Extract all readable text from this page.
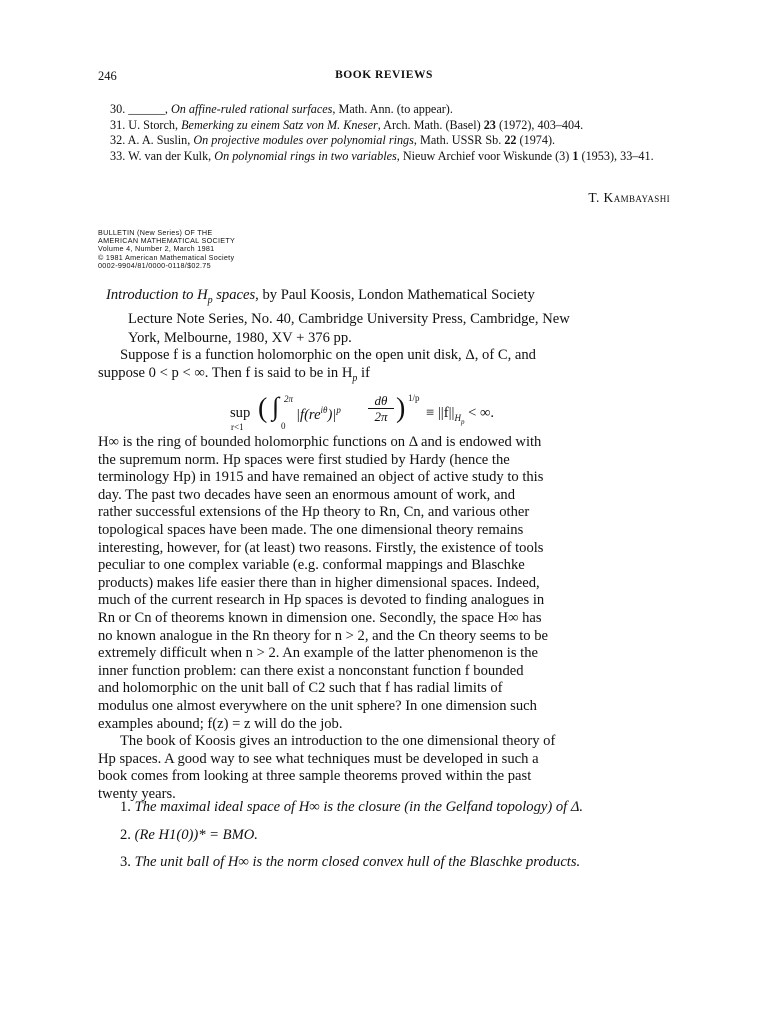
246	BOOK REVIEWS

30. ______, On affine-ruled rational surfaces, Math. Ann. (to appear).

31. U. Storch, Bemerking zu einem Satz von M. Kneser, Arch. Math. (Basel) 23 (1972), 403–404.

32. A. A. Suslin, On projective modules over polynomial rings, Math. USSR Sb. 22 (1974).

33. W. van der Kulk, On polynomial rings in two variables, Nieuw Archief voor Wiskunde (3) 1 (1953), 33–41.

T. Kambayashi
BULLETIN (New Series) OF THE
AMERICAN MATHEMATICAL SOCIETY
Volume 4, Number 2, March 1981
© 1981 American Mathematical Society
0002-9904/81/0000-0118/$02.75
Introduction to $H_p$ spaces, by Paul Koosis, London Mathematical Society
Lecture Note Series, No. 40, Cambridge University Press, Cambridge, New
York, Melbourne, 1980, XV + 376 pp.

Suppose f is a function holomorphic on the open unit disk, Δ, of C, and

suppose 0 < p < ∞. Then f is said to be in $H_p$ if

sup
r<1
( ∫ 2π
0
$|f(re^{i\theta})|^p$
dθ
2π ) 1/p
≡ $||f||_{H_p}$ < ∞.

H∞ is the ring of bounded holomorphic functions on Δ and is endowed with

the supremum norm. Hp spaces were first studied by Hardy (hence the

terminology Hp) in 1915 and have remained an object of active study to this

day. The past two decades have seen an enormous amount of work, and

rather successful extensions of the Hp theory to Rn, Cn, and various other

topological spaces have been made. The one dimensional theory remains

interesting, however, for (at least) two reasons. Firstly, the existence of tools

peculiar to one complex variable (e.g. conformal mappings and Blaschke

products) makes life easier there than in higher dimensional spaces. Indeed,

much of the current research in Hp spaces is devoted to finding analogues in

Rn or Cn of theorems known in dimension one. Secondly, the space H∞ has

no known analogue in the Rn theory for n > 2, and the Cn theory seems to be

extremely difficult when n > 2. An example of the latter phenomenon is the

inner function problem: can there exist a nonconstant function f bounded

and holomorphic on the unit ball of C2 such that f has radial limits of

modulus one almost everywhere on the unit sphere? In one dimension such

examples abound; f(z) = z will do the job.

The book of Koosis gives an introduction to the one dimensional theory of

Hp spaces. A good way to see what techniques must be developed in such a

book comes from looking at three sample theorems proved within the past

twenty years.

1. The maximal ideal space of H∞ is the closure (in the Gelfand topology) of Δ.

2. (Re H1(0))* = BMO.

3. The unit ball of H∞ is the norm closed convex hull of the Blaschke products.
